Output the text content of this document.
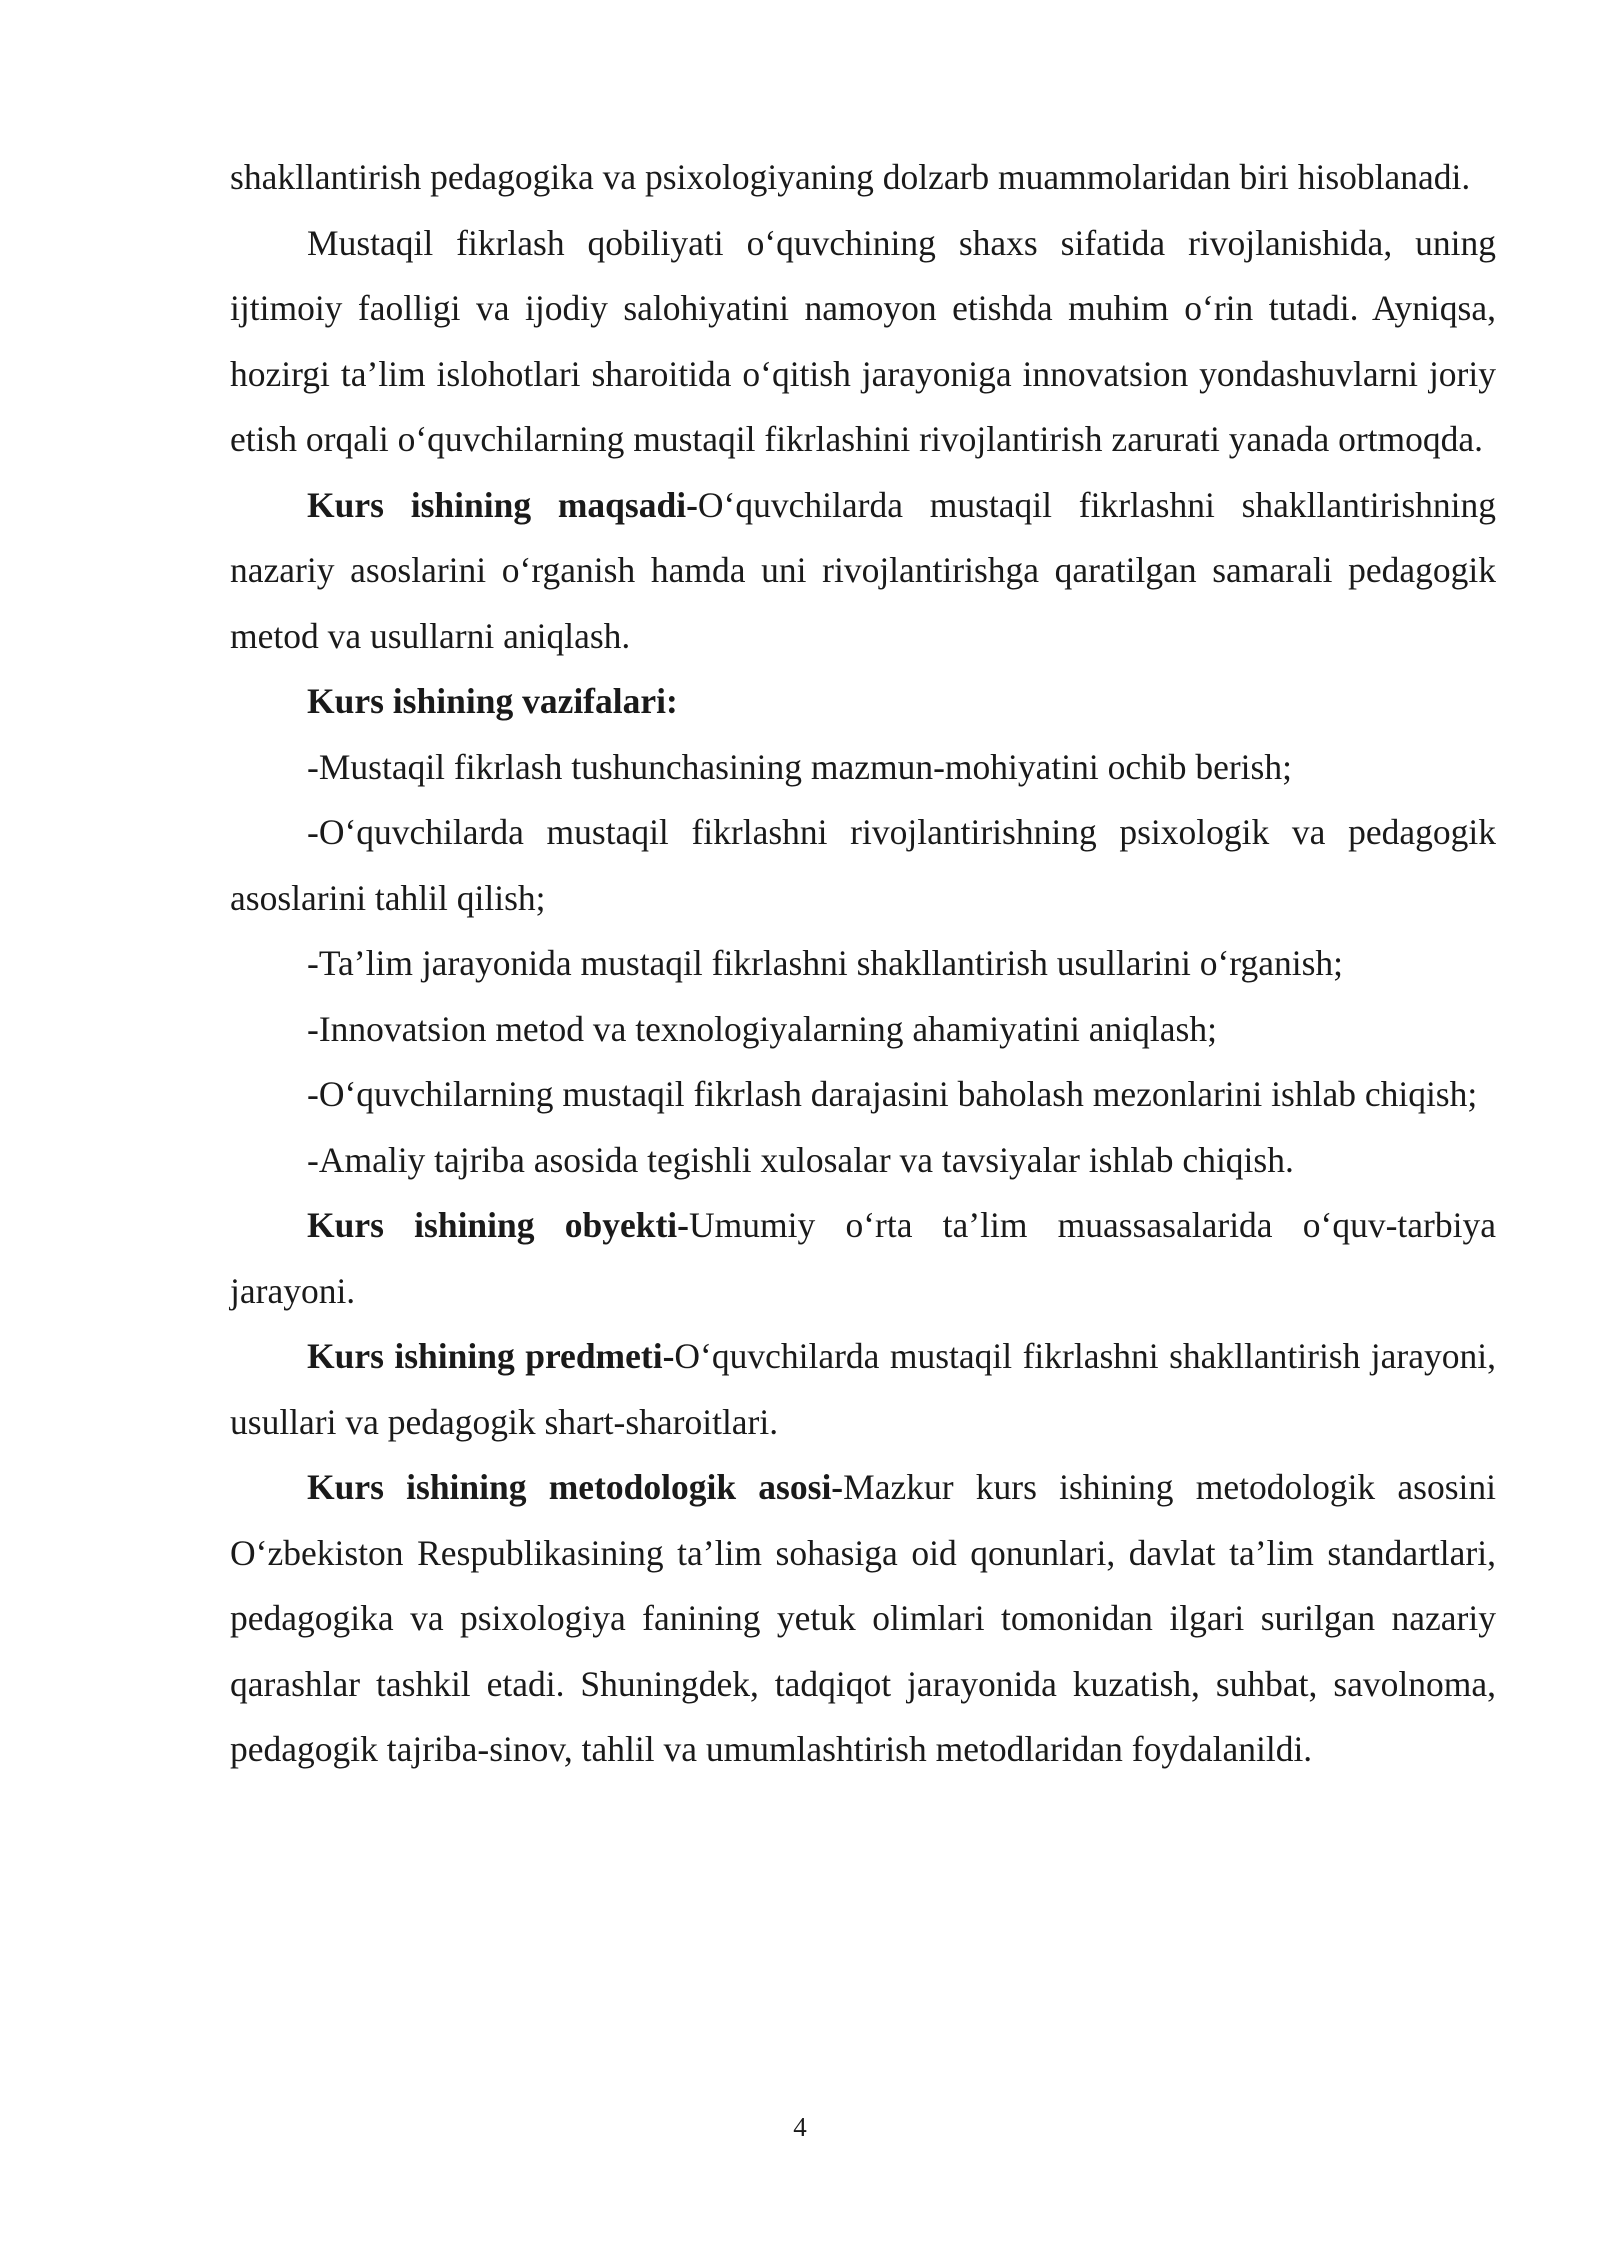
shakllantirish pedagogika va psixologiyaning dolzarb muammolaridan biri hisoblanadi.

Mustaqil fikrlash qobiliyati o‘quvchining shaxs sifatida rivojlanishida, uning ijtimoiy faolligi va ijodiy salohiyatini namoyon etishda muhim o‘rin tutadi. Ayniqsa, hozirgi ta’lim islohotlari sharoitida o‘qitish jarayoniga innovatsion yondashuvlarni joriy etish orqali o‘quvchilarning mustaqil fikrlashini rivojlantirish zarurati yanada ortmoqda.

Kurs ishining maqsadi-O‘quvchilarda mustaqil fikrlashni shakllantirishning nazariy asoslarini o‘rganish hamda uni rivojlantirishga qaratilgan samarali pedagogik metod va usullarni aniqlash.

Kurs ishining vazifalari:

-Mustaqil fikrlash tushunchasining mazmun-mohiyatini ochib berish;

-O‘quvchilarda mustaqil fikrlashni rivojlantirishning psixologik va pedagogik asoslarini tahlil qilish;

-Ta’lim jarayonida mustaqil fikrlashni shakllantirish usullarini o‘rganish;

-Innovatsion metod va texnologiyalarning ahamiyatini aniqlash;

-O‘quvchilarning mustaqil fikrlash darajasini baholash mezonlarini ishlab chiqish;

-Amaliy tajriba asosida tegishli xulosalar va tavsiyalar ishlab chiqish.

Kurs ishining obyekti-Umumiy o‘rta ta’lim muassasalarida o‘quv-tarbiya jarayoni.

Kurs ishining predmeti-O‘quvchilarda mustaqil fikrlashni shakllantirish jarayoni, usullari va pedagogik shart-sharoitlari.

Kurs ishining metodologik asosi-Mazkur kurs ishining metodologik asosini O‘zbekiston Respublikasining ta’lim sohasiga oid qonunlari, davlat ta’lim standartlari, pedagogika va psixologiya fanining yetuk olimlari tomonidan ilgari surilgan nazariy qarashlar tashkil etadi. Shuningdek, tadqiqot jarayonida kuzatish, suhbat, savolnoma, pedagogik tajriba-sinov, tahlil va umumlashtirish metodlaridan foydalanildi.

4
